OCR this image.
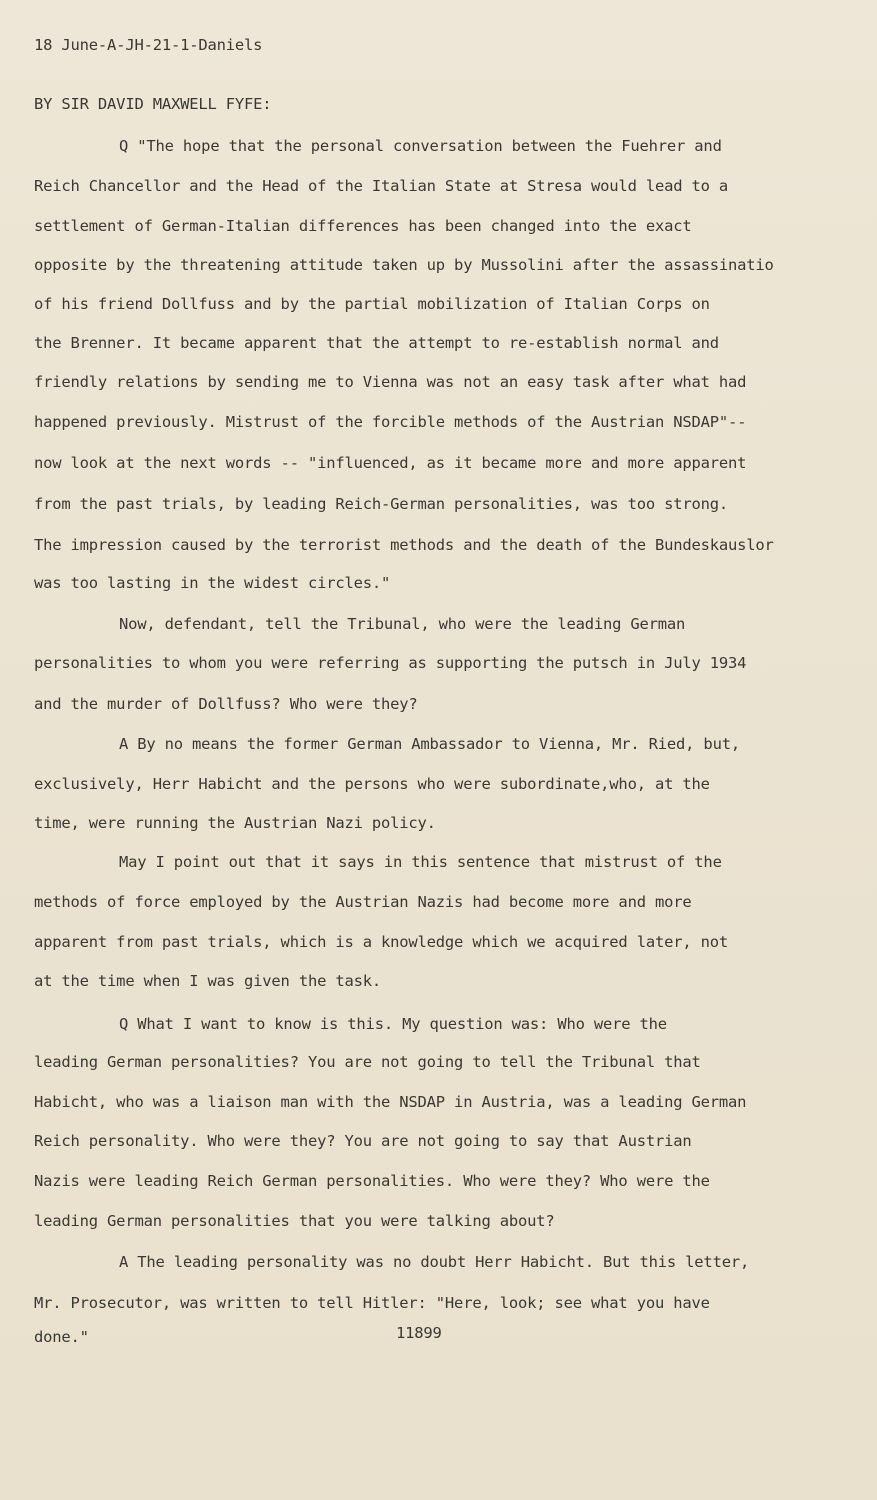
18 June-A-JH-21-1-Daniels
BY SIR DAVID MAXWELL FYFE:
Q "The hope that the personal conversation between the Fuehrer and
Reich Chancellor and the Head of the Italian State at Stresa would lead to a
settlement of German-Italian differences has been changed into the exact
opposite by the threatening attitude taken up by Mussolini after the assassinatio
of his friend Dollfuss and by the partial mobilization of Italian Corps on
the Brenner. It became apparent that the attempt to re-establish normal and
friendly relations by sending me to Vienna was not an easy task after what had
happened previously. Mistrust of the forcible methods of the Austrian NSDAP"--
now look at the next words -- "influenced, as it became more and more apparent
from the past trials, by leading Reich-German personalities, was too strong.
The impression caused by the terrorist methods and the death of the Bundeskauslor
was too lasting in the widest circles."
Now, defendant, tell the Tribunal, who were the leading German
personalities to whom you were referring as supporting the putsch in July 1934
and the murder of Dollfuss? Who were they?
A By no means the former German Ambassador to Vienna, Mr. Ried, but,
exclusively, Herr Habicht and the persons who were subordinate,who, at the
time, were running the Austrian Nazi policy.
May I point out that it says in this sentence that mistrust of the
methods of force employed by the Austrian Nazis had become more and more
apparent from past trials, which is a knowledge which we acquired later, not
at the time when I was given the task.
Q What I want to know is this. My question was: Who were the
leading German personalities? You are not going to tell the Tribunal that
Habicht, who was a liaison man with the NSDAP in Austria, was a leading German
Reich personality. Who were they? You are not going to say that Austrian
Nazis were leading Reich German personalities. Who were they? Who were the
leading German personalities that you were talking about?
A The leading personality was no doubt Herr Habicht. But this letter,
Mr. Prosecutor, was written to tell Hitler: "Here, look; see what you have
done."	11899
